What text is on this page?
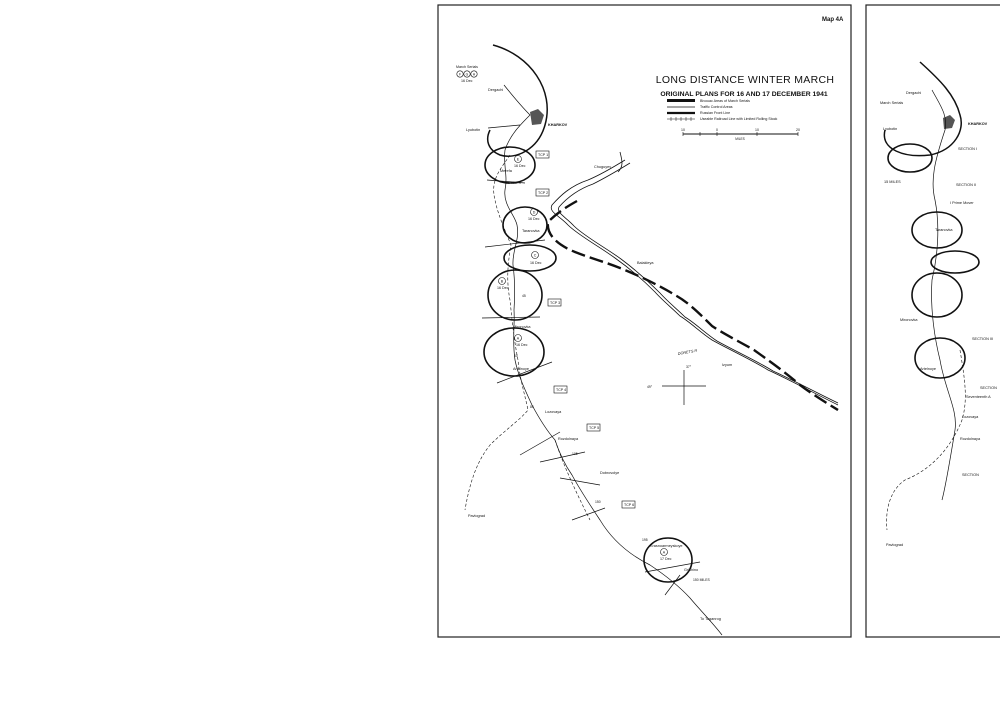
Map 4A
LONG DISTANCE WINTER MARCH
ORIGINAL PLANS FOR 16 AND 17 DECEMBER 1941
Bivouac Areas of March Serials
Traffic Control Areas
Russian Front Line
Useable Railroad Line with Limited Rolling Stock
10	0	10	20
MILES
DONETS R
37°
49°
E
16 Dec
D
16 Dec
C
16 Dec
B
16 Dec
A
16 Dec
A
17 Dec
March Serials
F G H
16 Dec
TCP 1
TCP 2
TCP 3
TCP 4
TCP 5
TCP 6
15 MILES
45
60
85
105
150
195
150 MILES
Dergachi
KHARKOV
Lyubotin
Merefa
Chuguyev
Taranovka
Balakleya
Mironovka
Izyum
Artelnoye
Lozovaya
Rozdolnaya
Dobrovolye
Pavlograd
Krasnoarmeyskoye
Grishino
To Taganrog
Dergachi
March Serials
Lyubotin
KHARKOV
SECTION I
15 MILES
SECTION II
I Prime Mover
Taranovka
Mironovka
SECTION III
Artelnoye
SECTION
Seventeenth A
Lozovaya
Rozdolnaya
SECTION
Pavlograd
